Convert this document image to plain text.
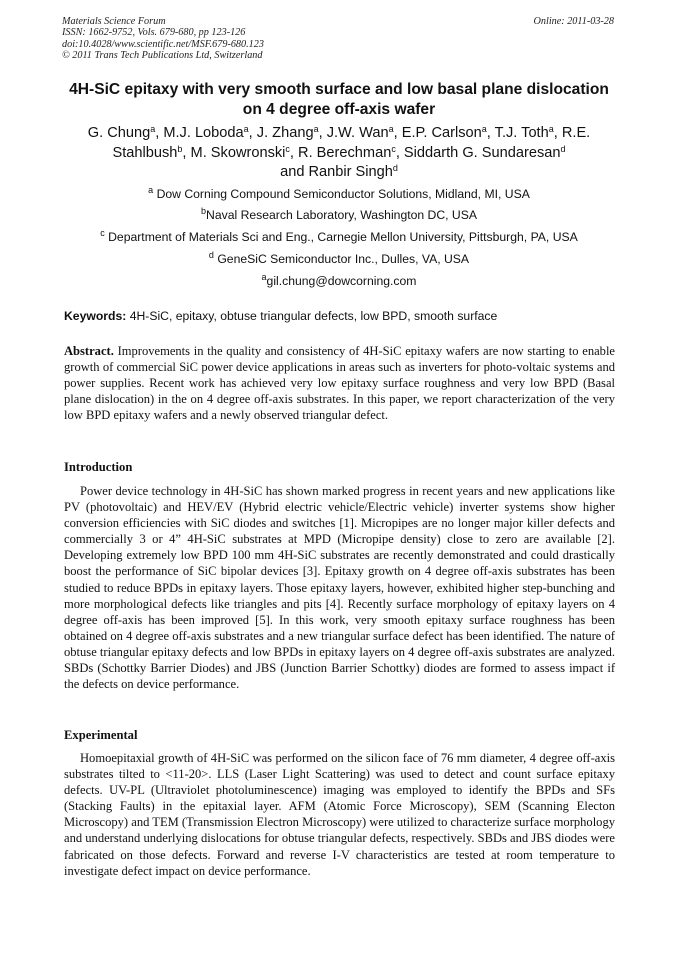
Materials Science Forum
ISSN: 1662-9752, Vols. 679-680, pp 123-126
doi:10.4028/www.scientific.net/MSF.679-680.123
© 2011 Trans Tech Publications Ltd, Switzerland
Online: 2011-03-28
4H-SiC epitaxy with very smooth surface and low basal plane dislocation
on 4 degree off-axis wafer
G. Chung$^a$, M.J. Loboda$^a$, J. Zhang$^a$, J.W. Wan$^a$, E.P. Carlson$^a$, T.J. Toth$^a$, R.E. Stahlbush$^b$, M. Skowronski$^c$, R. Berechman$^c$, Siddarth G. Sundaresan$^d$
and Ranbir Singh$^d$
$^a$ Dow Corning Compound Semiconductor Solutions, Midland, MI, USA
$^b$Naval Research Laboratory, Washington DC, USA
$^c$ Department of Materials Sci and Eng., Carnegie Mellon University, Pittsburgh, PA, USA
$^d$ GeneSiC Semiconductor Inc., Dulles, VA, USA
$^a$gil.chung@dowcorning.com
Keywords: 4H-SiC, epitaxy, obtuse triangular defects, low BPD, smooth surface
Abstract. Improvements in the quality and consistency of 4H-SiC epitaxy wafers are now starting to enable growth of commercial SiC power device applications in areas such as inverters for photo-voltaic systems and power supplies. Recent work has achieved very low epitaxy surface roughness and very low BPD (Basal plane dislocation) in the on 4 degree off-axis substrates. In this paper, we report characterization of the very low BPD epitaxy wafers and a newly observed triangular defect.
Introduction
Power device technology in 4H-SiC has shown marked progress in recent years and new applications like PV (photovoltaic) and HEV/EV (Hybrid electric vehicle/Electric vehicle) inverter systems show higher conversion efficiencies with SiC diodes and switches [1]. Micropipes are no longer major killer defects and commercially 3 or 4” 4H-SiC substrates at MPD (Micropipe density) close to zero are available [2]. Developing extremely low BPD 100 mm 4H-SiC substrates are recently demonstrated and could drastically boost the performance of SiC bipolar devices [3]. Epitaxy growth on 4 degree off-axis substrates has been studied to reduce BPDs in epitaxy layers. Those epitaxy layers, however, exhibited higher step-bunching and more morphological defects like triangles and pits [4]. Recently surface morphology of epitaxy layers on 4 degree off-axis has been improved [5]. In this work, very smooth epitaxy surface roughness has been obtained on 4 degree off-axis substrates and a new triangular surface defect has been identified. The nature of obtuse triangular epitaxy defects and low BPDs in epitaxy layers on 4 degree off-axis substrates are analyzed. SBDs (Schottky Barrier Diodes) and JBS (Junction Barrier Schottky) diodes are formed to assess impact if the defects on device performance.
Experimental
Homoepitaxial growth of 4H-SiC was performed on the silicon face of 76 mm diameter, 4 degree off-axis substrates tilted to <11-20>. LLS (Laser Light Scattering) was used to detect and count surface epitaxy defects. UV-PL (Ultraviolet photoluminescence) imaging was employed to identify the BPDs and SFs (Stacking Faults) in the epitaxial layer. AFM (Atomic Force Microscopy), SEM (Scanning Electon Microscopy) and TEM (Transmission Electron Microscopy) were utilized to characterize surface morphology and understand underlying dislocations for obtuse triangular defects, respectively. SBDs and JBS diodes were fabricated on those defects. Forward and reverse I-V characteristics are tested at room temperature to investigate defect impact on device performance.
